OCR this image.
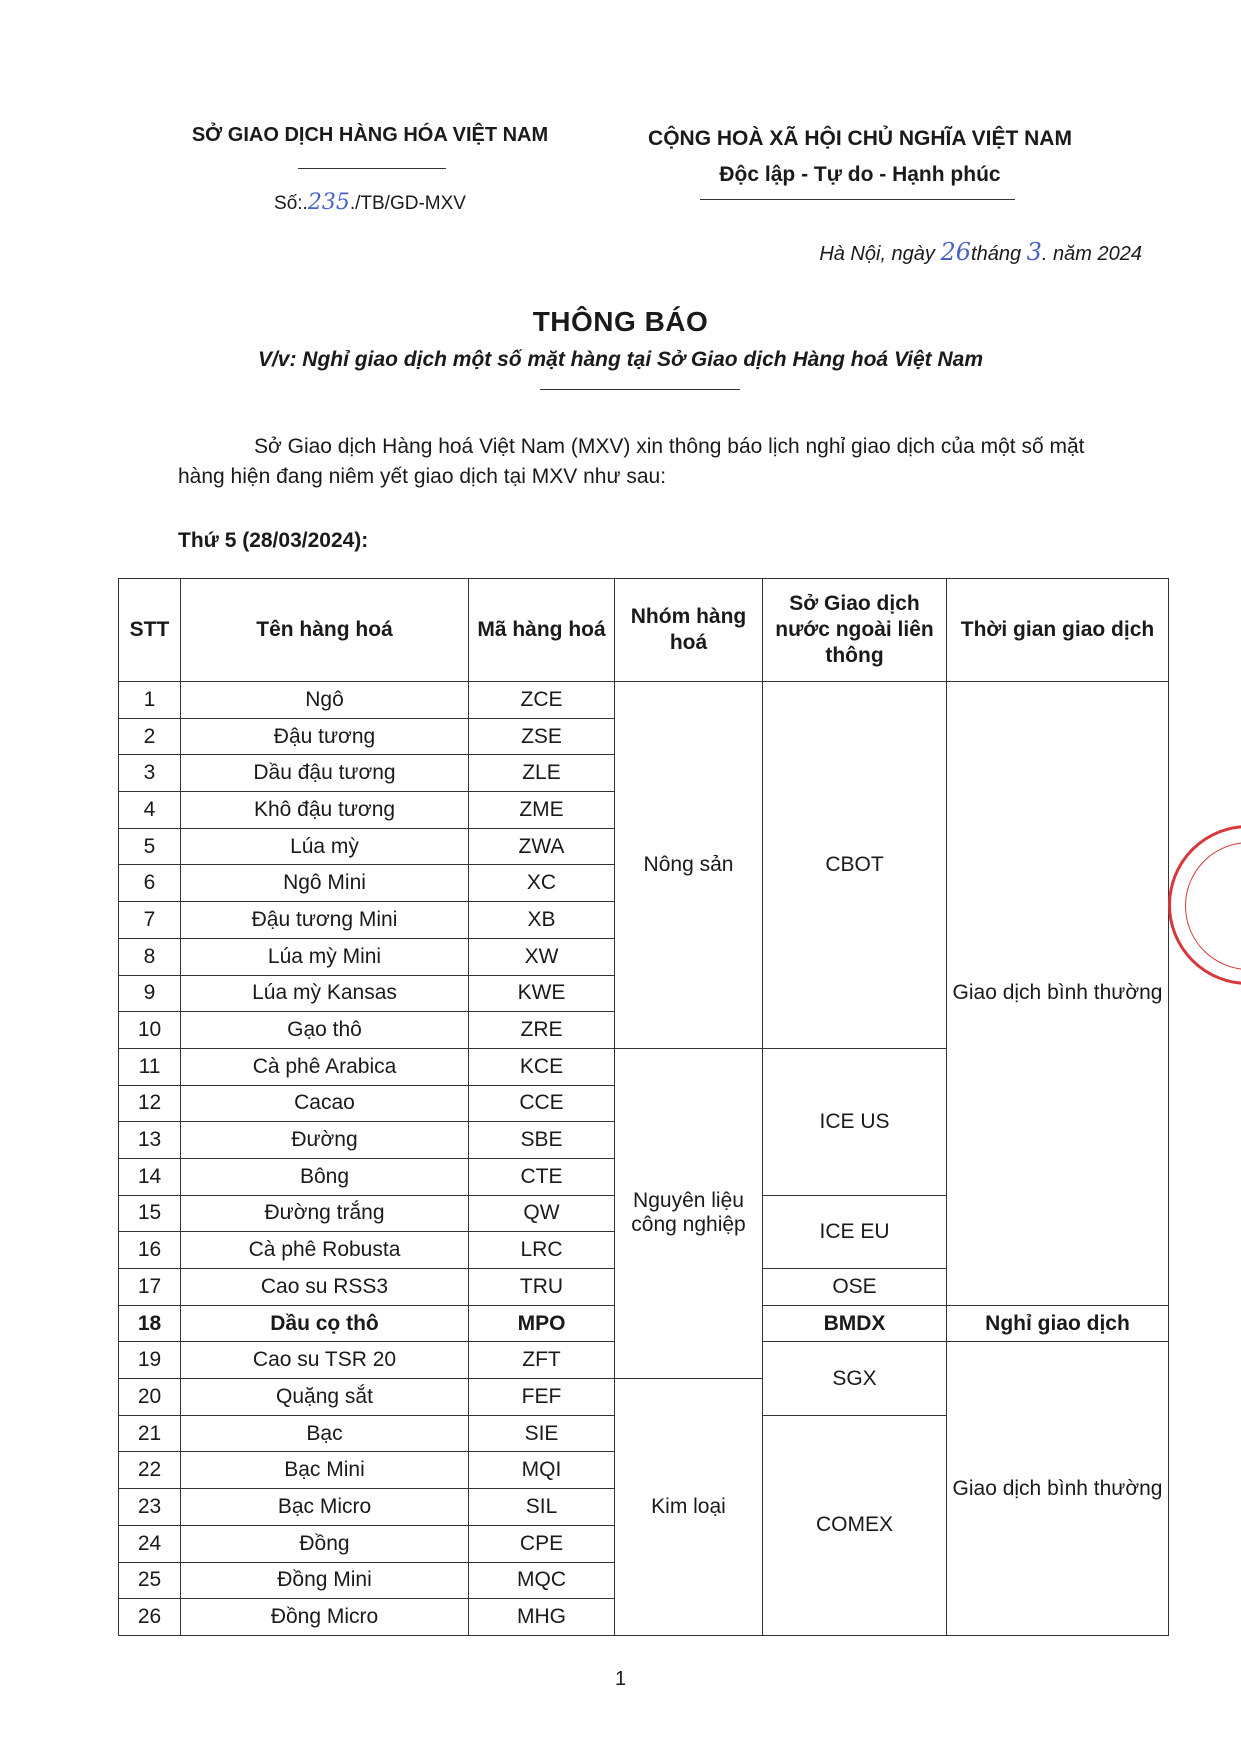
SỞ GIAO DỊCH HÀNG HÓA VIỆT NAM
Số:.235./TB/GD-MXV
CỘNG HOÀ XÃ HỘI CHỦ NGHĨA VIỆT NAM
Độc lập - Tự do - Hạnh phúc
Hà Nội, ngày 26tháng 3. năm 2024
THÔNG BÁO
V/v: Nghỉ giao dịch một số mặt hàng tại Sở Giao dịch Hàng hoá Việt Nam
Sở Giao dịch Hàng hoá Việt Nam (MXV) xin thông báo lịch nghỉ giao dịch của một số mặt hàng hiện đang niêm yết giao dịch tại MXV như sau:
Thứ 5 (28/03/2024):
STT	Tên hàng hoá	Mã hàng hoá	Nhóm hàng hoá	Sở Giao dịch nước ngoài liên thông	Thời gian giao dịch
1	Ngô	ZCE	Nông sản	CBOT	Giao dịch bình thường
2	Đậu tương	ZSE			
3	Dầu đậu tương	ZLE			
4	Khô đậu tương	ZME			
5	Lúa mỳ	ZWA			
6	Ngô Mini	XC			
7	Đậu tương Mini	XB			
8	Lúa mỳ Mini	XW			
9	Lúa mỳ Kansas	KWE			
10	Gạo thô	ZRE			
11	Cà phê Arabica	KCE	Nguyên liệu công nghiệp	ICE US	
12	Cacao	CCE			
13	Đường	SBE			
14	Bông	CTE			
15	Đường trắng	QW		ICE EU	
16	Cà phê Robusta	LRC			
17	Cao su RSS3	TRU		OSE	
18	Dầu cọ thô	MPO		BMDX	Nghỉ giao dịch
19	Cao su TSR 20	ZFT		SGX	Giao dịch bình thường
20	Quặng sắt	FEF	Kim loại		
21	Bạc	SIE		COMEX	
22	Bạc Mini	MQI			
23	Bạc Micro	SIL			
24	Đồng	CPE			
25	Đồng Mini	MQC			
26	Đồng Micro	MHG			
1
